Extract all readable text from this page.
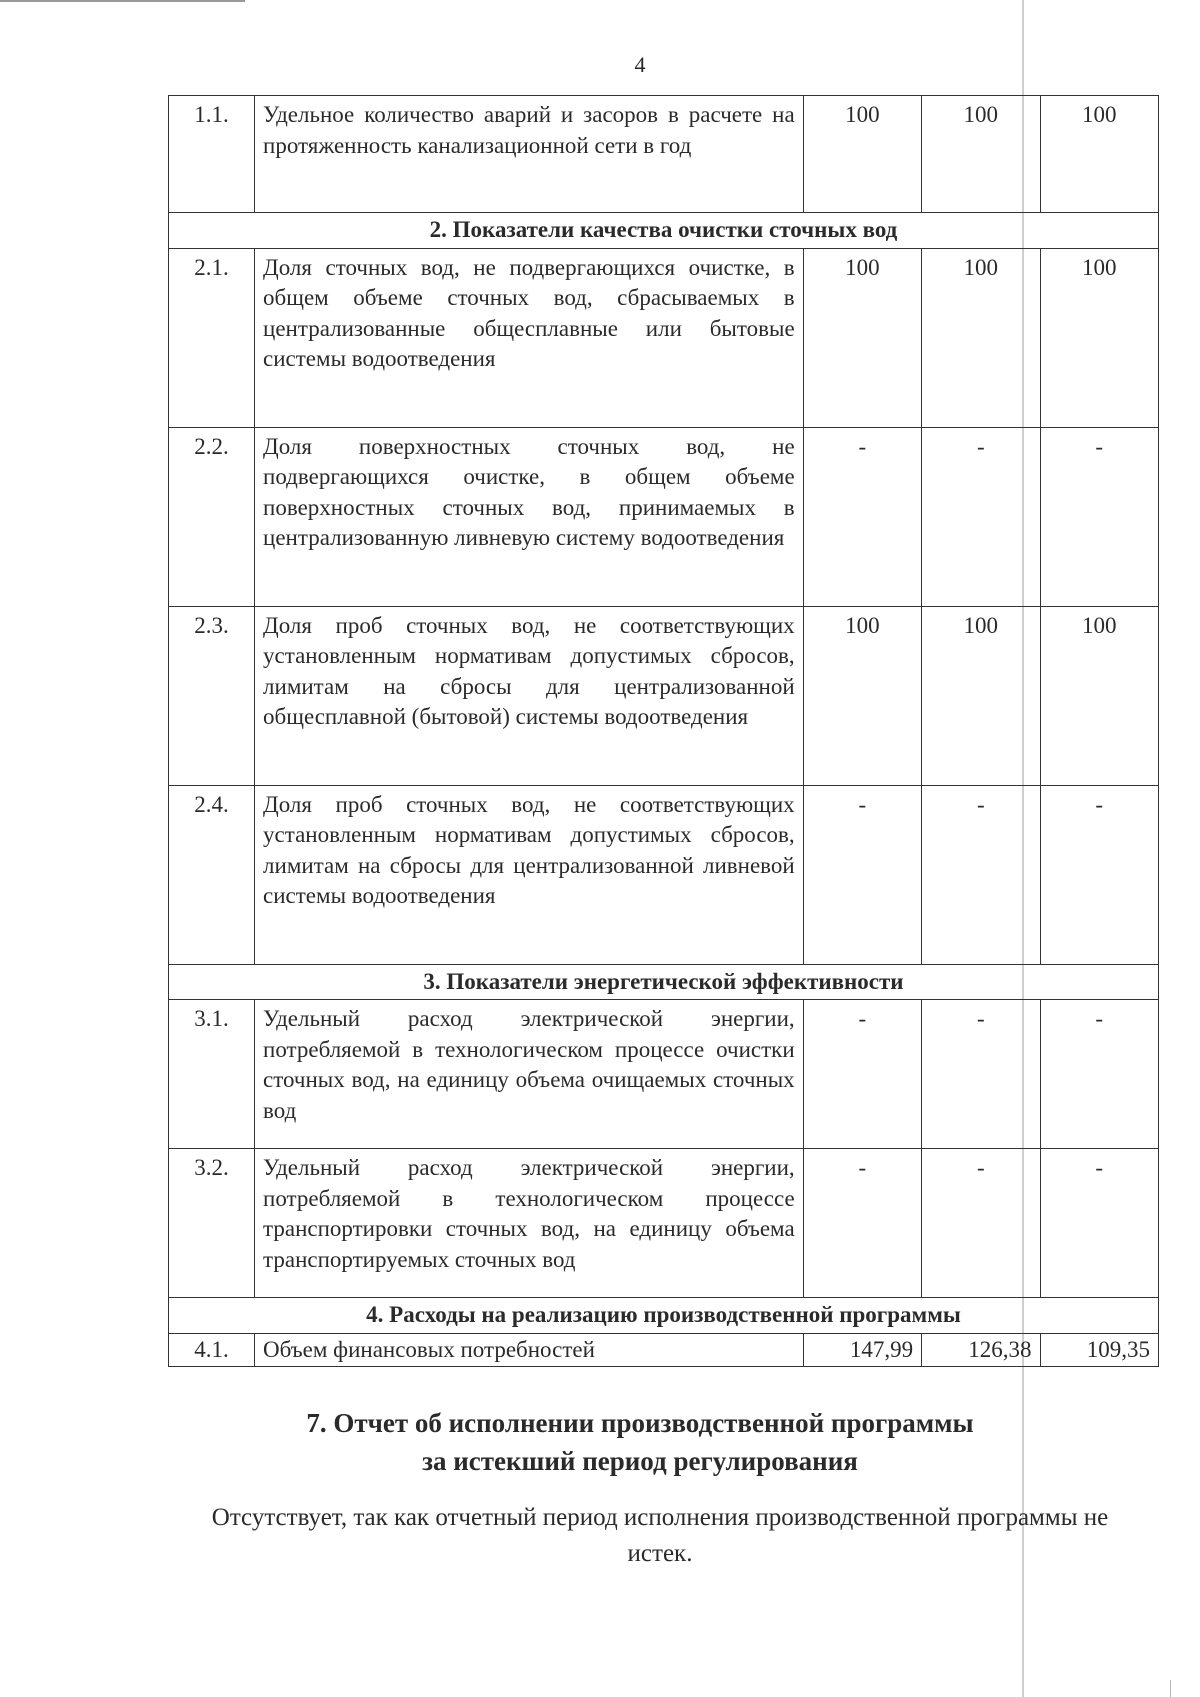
4
1.1.	Удельное количество аварий и засоров в расчете на протяженность канализационной сети в год	100	100	100
2. Показатели качества очистки сточных вод				
2.1.	Доля сточных вод, не подвергающихся очистке, в общем объеме сточных вод, сбрасываемых в централизованные общесплавные или бытовые системы водоотведения	100	100	100
2.2.	Доля поверхностных сточных вод, не подвергающихся очистке, в общем объеме поверхностных сточных вод, принимаемых в централизованную ливневую систему водоотведения	-	-	-
2.3.	Доля проб сточных вод, не соответствующих установленным нормативам допустимых сбросов, лимитам на сбросы для централизованной общесплавной (бытовой) системы водоотведения	100	100	100
2.4.	Доля проб сточных вод, не соответствующих установленным нормативам допустимых сбросов, лимитам на сбросы для централизованной ливневой системы водоотведения	-	-	-
3. Показатели энергетической эффективности				
3.1.	Удельный расход электрической энергии, потребляемой в технологическом процессе очистки сточных вод, на единицу объема очищаемых сточных вод	-	-	-
3.2.	Удельный расход электрической энергии, потребляемой в технологическом процессе транспортировки сточных вод, на единицу объема транспортируемых сточных вод	-	-	-
4. Расходы на реализацию производственной программы				
4.1.	Объем финансовых потребностей	147,99	126,38	109,35
7. Отчет об исполнении производственной программы
за истекший период регулирования
Отсутствует, так как отчетный период исполнения производственной программы не истек.
